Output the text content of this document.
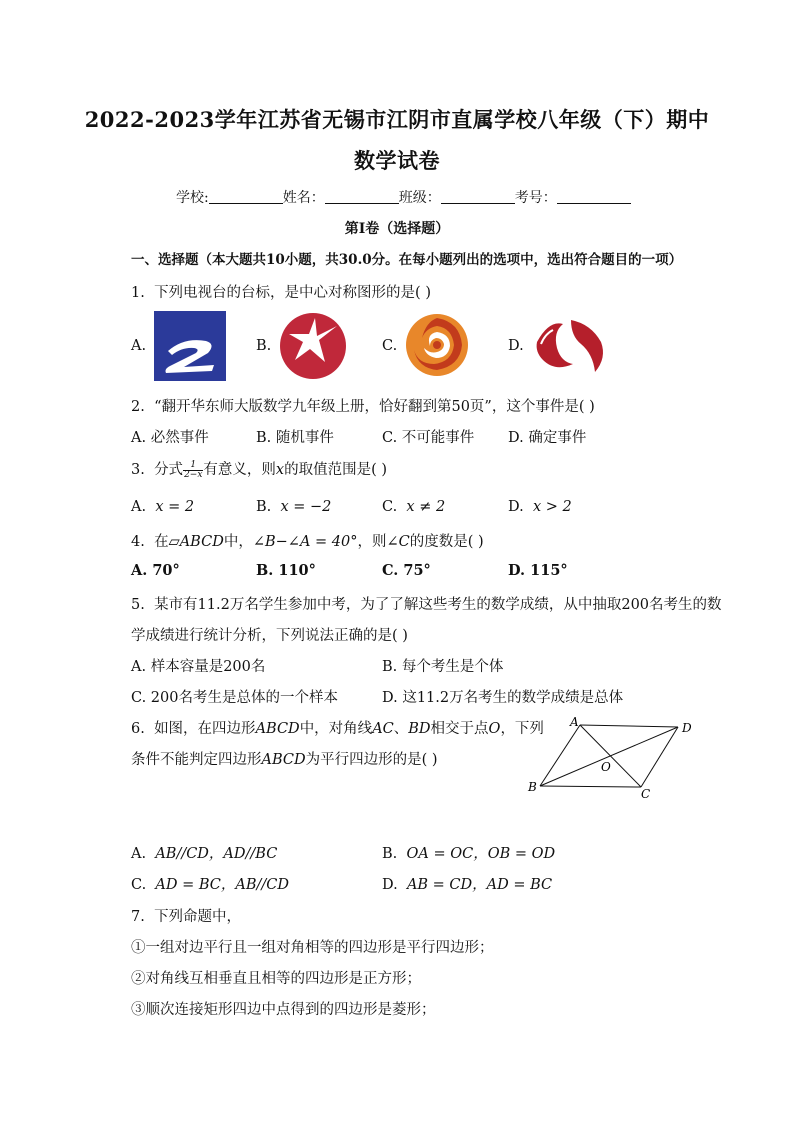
2022-2023学年江苏省无锡市江阴市直属学校八年级（下）期中
数学试卷
学校:	姓名：	班级：	考号：
第I卷（选择题）
一、选择题（本大题共10小题，共30.0分。在每小题列出的选项中，选出符合题目的一项）
1. 下列电视台的台标，是中心对称图形的是( )
A.	B.	C.	D.
2. “翻开华东师大版数学九年级上册，恰好翻到第50页”，这个事件是( )
A. 必然事件	B. 随机事件	C. 不可能事件 D. 确定事件
3. 分式 $\frac{1}{2-x}$ 有意义，则x的取值范围是( )
A. x = 2	B. x = −2	C. x ≠ 2	D. x > 2
4. 在▱ABCD中，∠B−∠A = 40°，则∠C的度数是( )
A. 70°	B. 110°	C. 75°	D. 115°
5. 某市有11.2万名学生参加中考，为了了解这些考生的数学成绩，从中抽取200名考生的数
学成绩进行统计分析，下列说法正确的是( )
A. 样本容量是200名	B. 每个考生是个体
C. 200名考生是总体的一个样本	D. 这11.2万名考生的数学成绩是总体
6. 如图，在四边形ABCD中，对角线AC、BD相交于点O，下列
条件不能判定四边形ABCD为平行四边形的是( )
A	D
B	C
O
A. AB//CD，AD//BC	B. OA = OC，OB = OD
C. AD = BC，AB//CD	D. AB = CD，AD = BC
7. 下列命题中，
①一组对边平行且一组对角相等的四边形是平行四边形；
②对角线互相垂直且相等的四边形是正方形；
③顺次连接矩形四边中点得到的四边形是菱形；
